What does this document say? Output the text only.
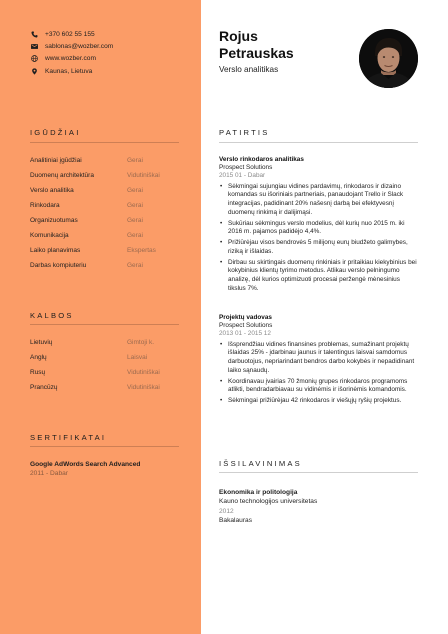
+370 602 55 155
sablonas@wozber.com
www.wozber.com
Kaunas, Lietuva
IGŪDŽIAI
Analitiniai įgūdžiai	Gerai
Duomenų architektūra	Vidutiniškai
Verslo analitika	Gerai
Rinkodara	Gerai
Organizuotumas	Gerai
Komunikacija	Gerai
Laiko planavimas	Ekspertas
Darbas kompiuteriu	Gerai
KALBOS
Lietuvių	Gimtoji k.
Anglų	Laisvai
Rusų	Vidutiniškai
Prancūzų	Vidutiniškai
SERTIFIKATAI
Google AdWords Search Advanced
2011 - Dabar
Rojus
Petrauskas
Verslo analitikas
PATIRTIS
Verslo rinkodaros analitikas
Prospect Solutions
2015 01 - Dabar
• Sėkmingai sujungiau vidines pardavimų, rinkodaros ir dizaino komandas su išoriniais partneriais, panaudojant Trello ir Slack integracijas, padidinant 20% našesnį darbą bei efektyvesnį duomenų rinkimą ir dalijimąsi.
• Sukūriau sėkmingus verslo modelius, dėl kurių nuo 2015 m. iki 2016 m. pajamos padidėjo 4,4%.
• Prižiūrėjau visos bendrovės 5 milijonų eurų biudžeto galimybes, riziką ir išlaidas.
• Dirbau su skirtingais duomenų rinkiniais ir pritaikiau kiekybinius bei kokybinius klientų tyrimo metodus. Atlikau verslo pelningumo analizę, dėl kurios optimizuoti procesai peržengė mėnesinius tikslus 7%.
Projektų vadovas
Prospect Solutions
2013 01 - 2015 12
• Išsprendžiau vidines finansines problemas, sumažinant projektų išlaidas 25% - įdarbinau jaunus ir talentingus laisvai samdomus darbuotojus, nepriarindant bendros darbo kokybės ir nepadidinant laiko sąnaudų.
• Koordinavau įvairias 70 žmonių grupes rinkodaros programoms atlikti, bendradarbiavau su vidinėmis ir išorinėmis komandomis.
• Sėkmingai prižiūrėjau 42 rinkodaros ir viešųjų ryšių projektus.
IŠSILAVINIMAS
Ekonomika ir politologija
Kauno technologijos universitetas
2012
Bakalauras
